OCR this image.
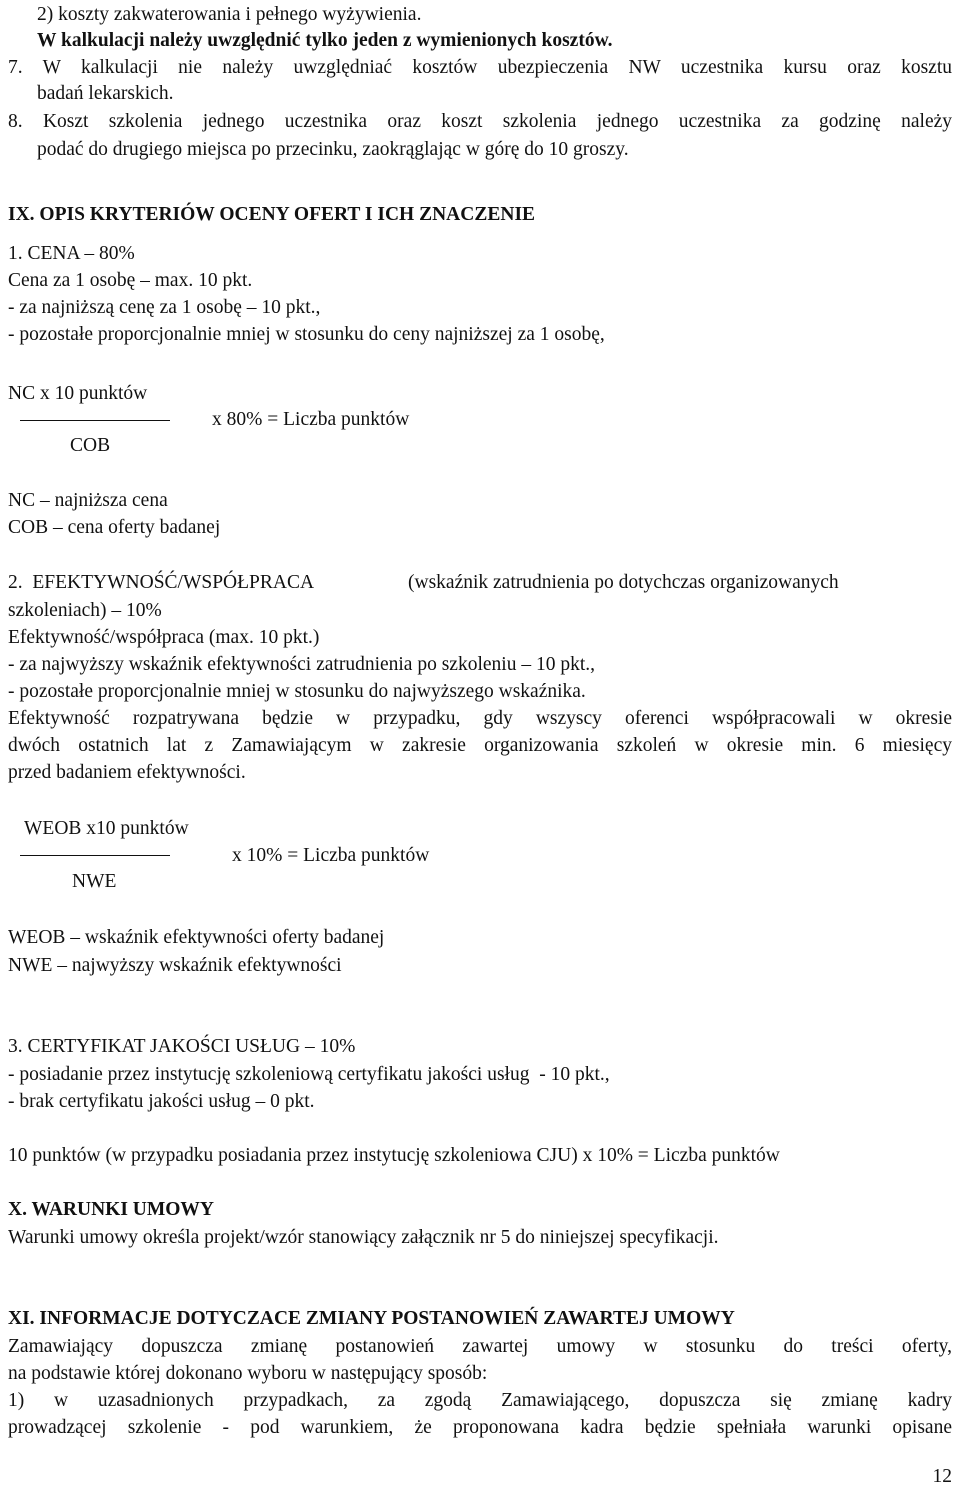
2) koszty zakwaterowania i pełnego wyżywienia.
W kalkulacji należy uwzględnić tylko jeden z wymienionych kosztów.
7. W kalkulacji nie należy uwzględniać kosztów ubezpieczenia NW uczestnika kursu oraz kosztu
badań lekarskich.
8. Koszt szkolenia jednego uczestnika oraz koszt szkolenia jednego uczestnika za godzinę należy
podać do drugiego miejsca po przecinku, zaokrąglając w górę do 10 groszy.
IX. OPIS KRYTERIÓW OCENY OFERT I ICH ZNACZENIE
1. CENA – 80%
Cena za 1 osobę – max. 10 pkt.
- za najniższą cenę za 1 osobę – 10 pkt.,
- pozostałe proporcjonalnie mniej w stosunku do ceny najniższej za 1 osobę,
NC x 10 punktów
x 80% = Liczba punktów
COB
NC – najniższa cena
COB – cena oferty badanej
2.  EFEKTYWNOŚĆ/WSPÓŁPRACA	(wskaźnik zatrudnienia po dotychczas organizowanych
szkoleniach) – 10%
Efektywność/współpraca (max. 10 pkt.)
- za najwyższy wskaźnik efektywności zatrudnienia po szkoleniu – 10 pkt.,
- pozostałe proporcjonalnie mniej w stosunku do najwyższego wskaźnika.
Efektywność rozpatrywana będzie w przypadku, gdy wszyscy oferenci współpracowali w okresie
dwóch ostatnich lat z Zamawiającym w zakresie organizowania szkoleń w okresie min. 6 miesięcy
przed badaniem efektywności.
WEOB x10 punktów
x 10% = Liczba punktów
NWE
WEOB – wskaźnik efektywności oferty badanej
NWE – najwyższy wskaźnik efektywności
3. CERTYFIKAT JAKOŚCI USŁUG – 10%
- posiadanie przez instytucję szkoleniową certyfikatu jakości usług  - 10 pkt.,
- brak certyfikatu jakości usług – 0 pkt.
10 punktów (w przypadku posiadania przez instytucję szkoleniowa CJU) x 10% = Liczba punktów
X. WARUNKI UMOWY
Warunki umowy określa projekt/wzór stanowiący załącznik nr 5 do niniejszej specyfikacji.
XI. INFORMACJE DOTYCZACE ZMIANY POSTANOWIEŃ ZAWARTEJ UMOWY
Zamawiający dopuszcza zmianę postanowień zawartej umowy w stosunku do treści oferty,
na podstawie której dokonano wyboru w następujący sposób:
1) w uzasadnionych przypadkach, za zgodą Zamawiającego, dopuszcza się zmianę kadry
prowadzącej szkolenie - pod warunkiem, że proponowana kadra będzie spełniała warunki opisane
12
